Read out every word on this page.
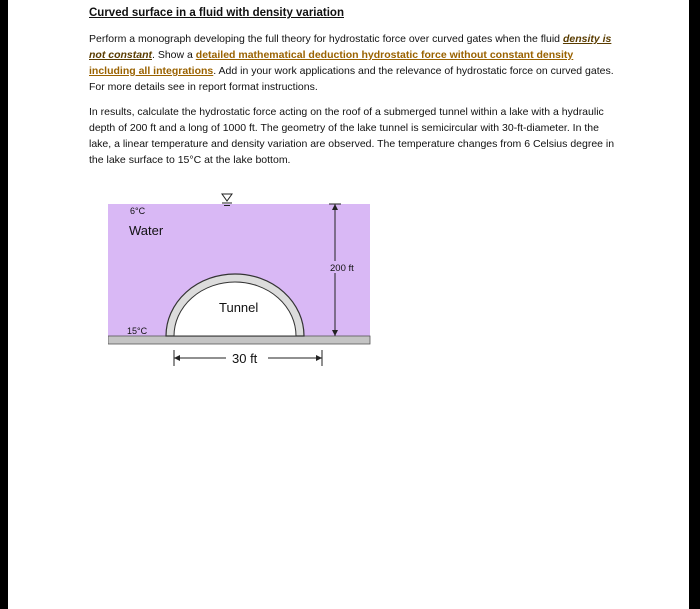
Curved surface in a fluid with density variation

Perform a monograph developing the full theory for hydrostatic force over curved gates when the fluid density is not constant. Show a detailed mathematical deduction hydrostatic force without constant density including all integrations. Add in your work applications and the relevance of hydrostatic force on curved gates. For more details see in report format instructions.

In results, calculate the hydrostatic force acting on the roof of a submerged tunnel within a lake with a hydraulic depth of 200 ft and a long of 1000 ft. The geometry of the lake tunnel is semicircular with 30-ft-diameter. In the lake, a linear temperature and density variation are observed. The temperature changes from 6 Celsius degree in the lake surface to 15°C at the lake bottom.

200 ft
6°C
Water
Tunnel
15°C
30 ft
